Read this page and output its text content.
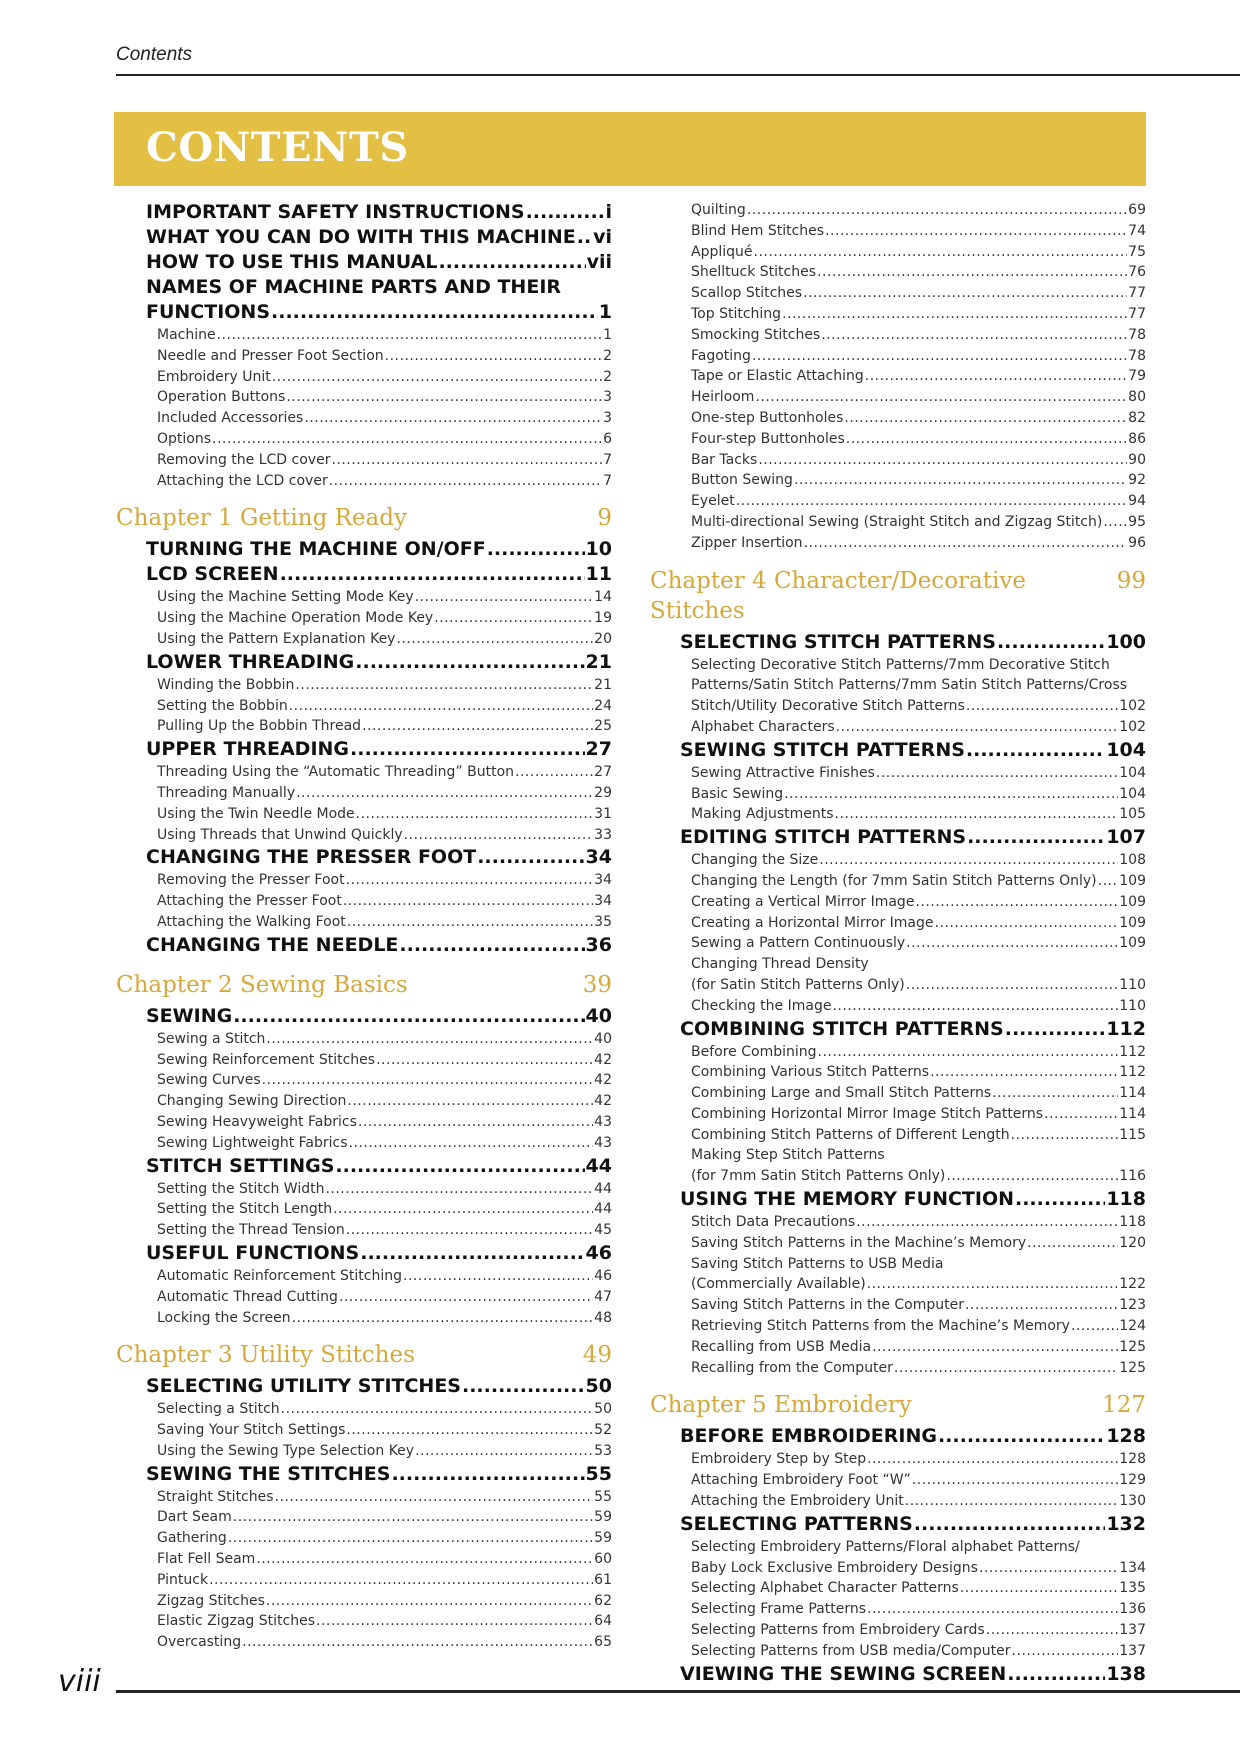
Contents
CONTENTS
IMPORTANT SAFETY INSTRUCTIONS .....	i
WHAT YOU CAN DO WITH THIS MACHINE ..... vi
HOW TO USE THIS MANUAL .....	vii
NAMES OF MACHINE PARTS AND THEIR
FUNCTIONS .....	1
Machine .....	1
Needle and Presser Foot Section .....	2
Embroidery Unit .....	2
Operation Buttons .....	3
Included Accessories .....	3
Options .....	6
Removing the LCD cover .....	7
Attaching the LCD cover .....	7
Chapter 1 Getting Ready	9
TURNING THE MACHINE ON/OFF .....	10
LCD SCREEN .....	11
Using the Machine Setting Mode Key .....	14
Using the Machine Operation Mode Key .....	19
Using the Pattern Explanation Key .....	20
LOWER THREADING .....	21
Winding the Bobbin .....	21
Setting the Bobbin .....	24
Pulling Up the Bobbin Thread .....	25
UPPER THREADING .....	27
Threading Using the “Automatic Threading” Button .....	27
Threading Manually .....	29
Using the Twin Needle Mode .....	31
Using Threads that Unwind Quickly .....	33
CHANGING THE PRESSER FOOT .....	34
Removing the Presser Foot .....	34
Attaching the Presser Foot .....	34
Attaching the Walking Foot .....	35
CHANGING THE NEEDLE .....	36
Chapter 2 Sewing Basics	39
SEWING .....	40
Sewing a Stitch .....	40
Sewing Reinforcement Stitches .....	42
Sewing Curves .....	42
Changing Sewing Direction .....	42
Sewing Heavyweight Fabrics .....	43
Sewing Lightweight Fabrics .....	43
STITCH SETTINGS .....	44
Setting the Stitch Width .....	44
Setting the Stitch Length .....	44
Setting the Thread Tension .....	45
USEFUL FUNCTIONS .....	46
Automatic Reinforcement Stitching .....	46
Automatic Thread Cutting .....	47
Locking the Screen .....	48
Chapter 3 Utility Stitches	49
SELECTING UTILITY STITCHES .....	50
Selecting a Stitch .....	50
Saving Your Stitch Settings .....	52
Using the Sewing Type Selection Key .....	53
SEWING THE STITCHES .....	55
Straight Stitches .....	55
Dart Seam .....	59
Gathering .....	59
Flat Fell Seam .....	60
Pintuck .....	61
Zigzag Stitches .....	62
Elastic Zigzag Stitches .....	64
Overcasting .....	65
Quilting .....	69
Blind Hem Stitches .....	74
Appliqué .....	75
Shelltuck Stitches .....	76
Scallop Stitches .....	77
Top Stitching .....	77
Smocking Stitches .....	78
Fagoting .....	78
Tape or Elastic Attaching .....	79
Heirloom .....	80
One-step Buttonholes .....	82
Four-step Buttonholes .....	86
Bar Tacks .....	90
Button Sewing .....	92
Eyelet .....	94
Multi-directional Sewing (Straight Stitch and Zigzag Stitch) ..... 95
Zipper Insertion .....	96
Chapter 4 Character/Decorative Stitches
99
SELECTING STITCH PATTERNS .....	100
Selecting Decorative Stitch Patterns/7mm Decorative Stitch
Patterns/Satin Stitch Patterns/7mm Satin Stitch Patterns/Cross
Stitch/Utility Decorative Stitch Patterns .....	102
Alphabet Characters .....	102
SEWING STITCH PATTERNS .....	104
Sewing Attractive Finishes .....	104
Basic Sewing .....	104
Making Adjustments .....	105
EDITING STITCH PATTERNS .....	107
Changing the Size .....	108
Changing the Length (for 7mm Satin Stitch Patterns Only) ..... 109
Creating a Vertical Mirror Image .....	109
Creating a Horizontal Mirror Image .....	109
Sewing a Pattern Continuously .....	109
Changing Thread Density
(for Satin Stitch Patterns Only) .....	110
Checking the Image .....	110
COMBINING STITCH PATTERNS .....	112
Before Combining .....	112
Combining Various Stitch Patterns .....	112
Combining Large and Small Stitch Patterns .....	114
Combining Horizontal Mirror Image Stitch Patterns .....	114
Combining Stitch Patterns of Different Length .....	115
Making Step Stitch Patterns
(for 7mm Satin Stitch Patterns Only) .....	116
USING THE MEMORY FUNCTION .....	118
Stitch Data Precautions .....	118
Saving Stitch Patterns in the Machine’s Memory .....	120
Saving Stitch Patterns to USB Media
(Commercially Available) .....	122
Saving Stitch Patterns in the Computer .....	123
Retrieving Stitch Patterns from the Machine’s Memory .....	124
Recalling from USB Media .....	125
Recalling from the Computer .....	125
Chapter 5 Embroidery	127
BEFORE EMBROIDERING .....	128
Embroidery Step by Step .....	128
Attaching Embroidery Foot “W” .....	129
Attaching the Embroidery Unit .....	130
SELECTING PATTERNS .....	132
Selecting Embroidery Patterns/Floral alphabet Patterns/
Baby Lock Exclusive Embroidery Designs .....	134
Selecting Alphabet Character Patterns .....	135
Selecting Frame Patterns .....	136
Selecting Patterns from Embroidery Cards .....	137
Selecting Patterns from USB media/Computer .....	137
VIEWING THE SEWING SCREEN .....	138
viii
